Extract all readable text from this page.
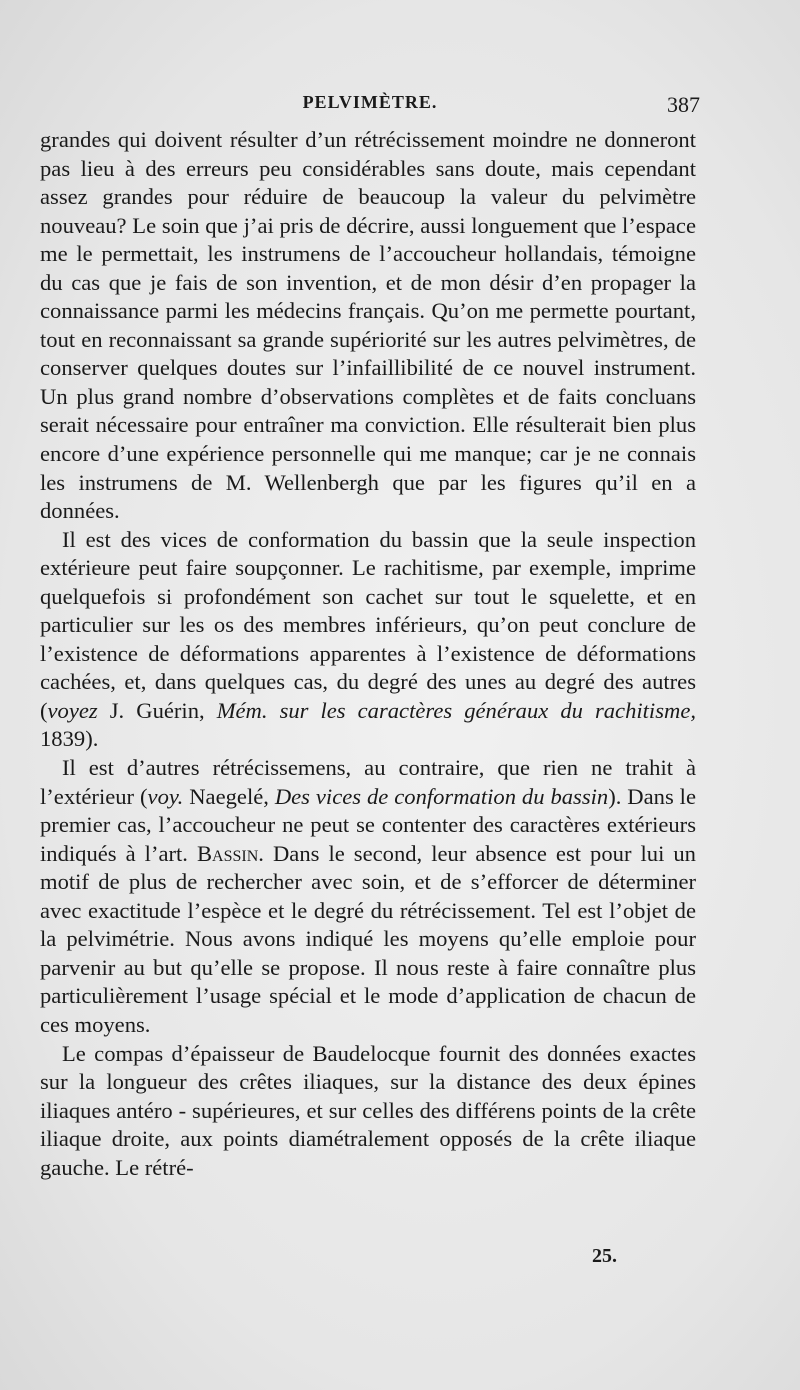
PELVIMÈTRE.	387

grandes qui doivent résulter d’un rétrécissement moindre ne donneront pas lieu à des erreurs peu considérables sans doute, mais cependant assez grandes pour réduire de beaucoup la valeur du pelvimètre nouveau? Le soin que j’ai pris de décrire, aussi longuement que l’espace me le permettait, les instrumens de l’accoucheur hollandais, témoigne du cas que je fais de son invention, et de mon désir d’en propager la connaissance parmi les médecins français. Qu’on me permette pourtant, tout en reconnaissant sa grande supériorité sur les autres pelvimètres, de conserver quelques doutes sur l’infaillibilité de ce nouvel instrument. Un plus grand nombre d’observations complètes et de faits concluans serait nécessaire pour entraîner ma conviction. Elle résulterait bien plus encore d’une expérience personnelle qui me manque; car je ne connais les instrumens de M. Wellenbergh que par les figures qu’il en a données.

Il est des vices de conformation du bassin que la seule inspection extérieure peut faire soupçonner. Le rachitisme, par exemple, imprime quelquefois si profondément son cachet sur tout le squelette, et en particulier sur les os des membres inférieurs, qu’on peut conclure de l’existence de déformations apparentes à l’existence de déformations cachées, et, dans quelques cas, du degré des unes au degré des autres (voyez J. Guérin, Mém. sur les caractères généraux du rachitisme, 1839).

Il est d’autres rétrécissemens, au contraire, que rien ne trahit à l’extérieur (voy. Naegelé, Des vices de conformation du bassin). Dans le premier cas, l’accoucheur ne peut se contenter des caractères extérieurs indiqués à l’art. Bassin. Dans le second, leur absence est pour lui un motif de plus de rechercher avec soin, et de s’efforcer de déterminer avec exactitude l’espèce et le degré du rétrécissement. Tel est l’objet de la pelvimétrie. Nous avons indiqué les moyens qu’elle emploie pour parvenir au but qu’elle se propose. Il nous reste à faire connaître plus particulièrement l’usage spécial et le mode d’application de chacun de ces moyens.

Le compas d’épaisseur de Baudelocque fournit des données exactes sur la longueur des crêtes iliaques, sur la distance des deux épines iliaques antéro - supérieures, et sur celles des différens points de la crête iliaque droite, aux points diamétralement opposés de la crête iliaque gauche. Le rétré-

25.
